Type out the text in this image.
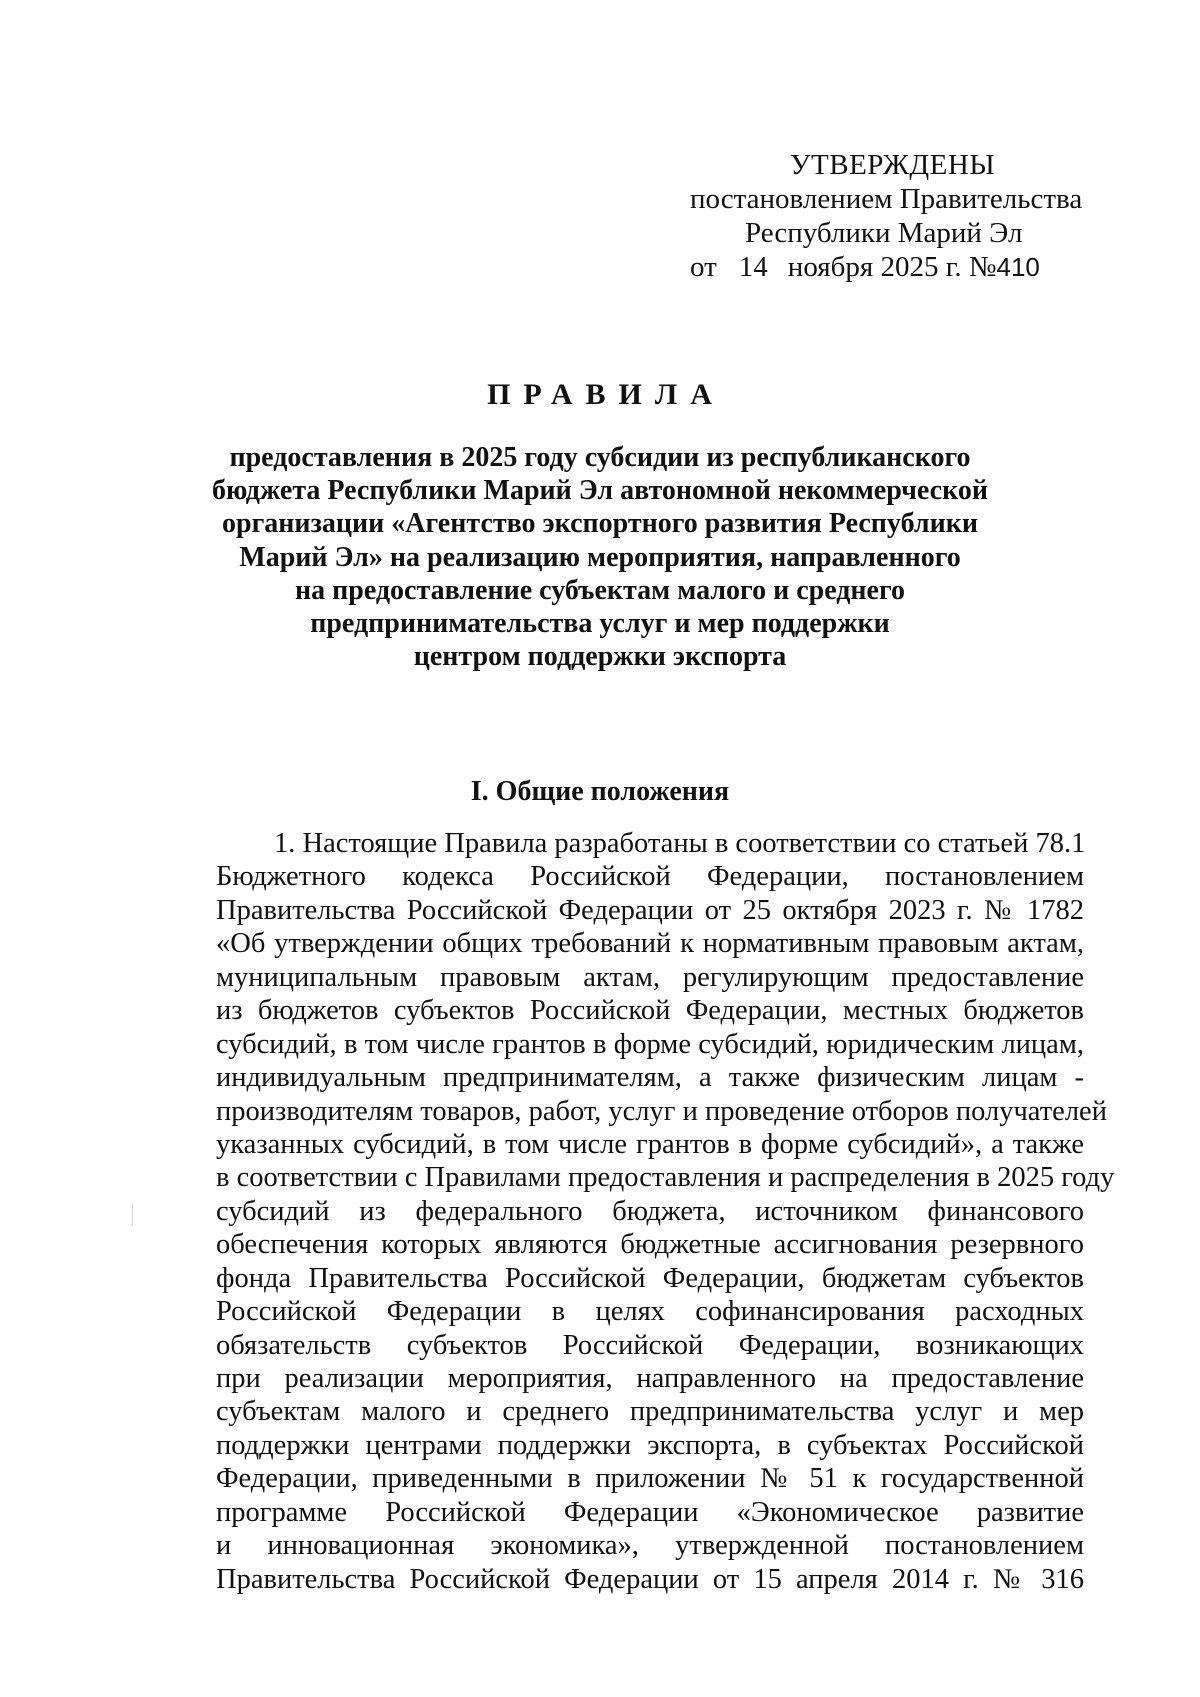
УТВЕРЖДЕНЫ
постановлением Правительства
Республики Марий Эл
от 14 ноября 2025 г. №410
ПРАВИЛА
предоставления в 2025 году субсидии из республиканского
бюджета Республики Марий Эл автономной некоммерческой
организации «Агентство экспортного развития Республики
Марий Эл» на реализацию мероприятия, направленного
на предоставление субъектам малого и среднего
предпринимательства услуг и мер поддержки
центром поддержки экспорта
I. Общие положения
1. Настоящие Правила разработаны в соответствии со статьей 78.1
Бюджетного кодекса Российской Федерации, постановлением
Правительства Российской Федерации от 25 октября 2023 г. № 1782
«Об утверждении общих требований к нормативным правовым актам,
муниципальным правовым актам, регулирующим предоставление
из бюджетов субъектов Российской Федерации, местных бюджетов
субсидий, в том числе грантов в форме субсидий, юридическим лицам,
индивидуальным предпринимателям, а также физическим лицам -
производителям товаров, работ, услуг и проведение отборов получателей
указанных субсидий, в том числе грантов в форме субсидий», а также
в соответствии с Правилами предоставления и распределения в 2025 году
субсидий из федерального бюджета, источником финансового
обеспечения которых являются бюджетные ассигнования резервного
фонда Правительства Российской Федерации, бюджетам субъектов
Российской Федерации в целях софинансирования расходных
обязательств субъектов Российской Федерации, возникающих
при реализации мероприятия, направленного на предоставление
субъектам малого и среднего предпринимательства услуг и мер
поддержки центрами поддержки экспорта, в субъектах Российской
Федерации, приведенными в приложении № 51 к государственной
программе Российской Федерации «Экономическое развитие
и инновационная экономика», утвержденной постановлением
Правительства Российской Федерации от 15 апреля 2014 г. № 316
